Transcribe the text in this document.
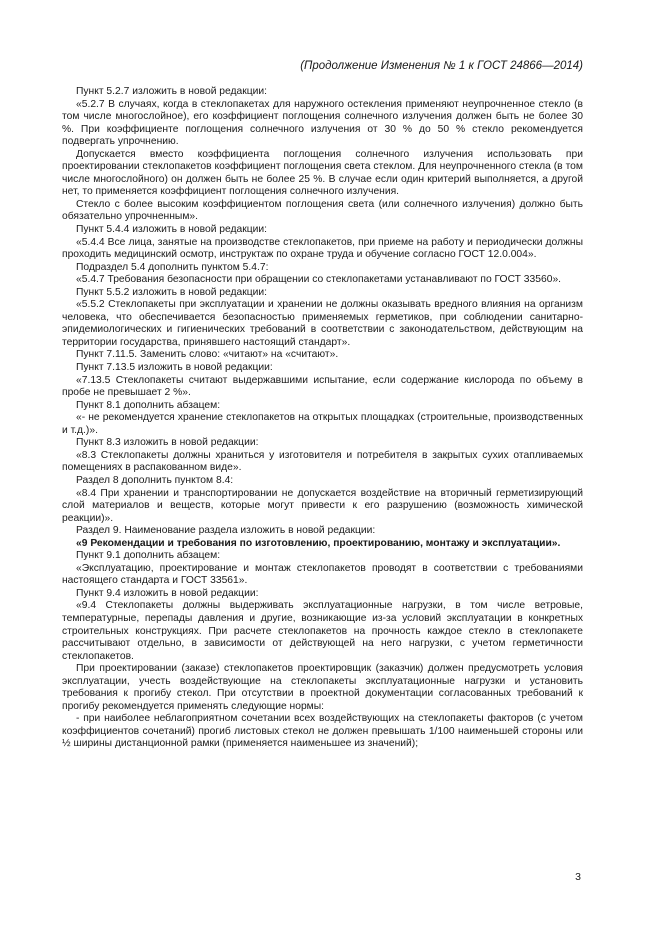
(Продолжение Изменения № 1 к ГОСТ 24866—2014)

Пункт 5.2.7 изложить в новой редакции:

«5.2.7 В случаях, когда в стеклопакетах для наружного остекления применяют неупрочненное стекло (в том числе многослойное), его коэффициент поглощения солнечного излучения должен быть не более 30 %. При коэффициенте поглощения солнечного излучения от 30 % до 50 % стекло рекомендуется подвергать упрочнению.

Допускается вместо коэффициента поглощения солнечного излучения использовать при проектировании стеклопакетов коэффициент поглощения света стеклом. Для неупрочненного стекла (в том числе многослойного) он должен быть не более 25 %. В случае если один критерий выполняется, а другой нет, то применяется коэффициент поглощения солнечного излучения.

Стекло с более высоким коэффициентом поглощения света (или солнечного излучения) должно быть обязательно упрочненным».

Пункт 5.4.4 изложить в новой редакции:

«5.4.4 Все лица, занятые на производстве стеклопакетов, при приеме на работу и периодически должны проходить медицинский осмотр, инструктаж по охране труда и обучение согласно ГОСТ 12.0.004».

Подраздел 5.4 дополнить пунктом 5.4.7:

«5.4.7 Требования безопасности при обращении со стеклопакетами устанавливают по ГОСТ 33560».

Пункт 5.5.2 изложить в новой редакции:

«5.5.2 Стеклопакеты при эксплуатации и хранении не должны оказывать вредного влияния на организм человека, что обеспечивается безопасностью применяемых герметиков, при соблюдении санитарно-эпидемиологических и гигиенических требований в соответствии с законодательством, действующим на территории государства, принявшего настоящий стандарт».

Пункт 7.11.5. Заменить слово: «читают» на «считают».

Пункт 7.13.5 изложить в новой редакции:

«7.13.5 Стеклопакеты считают выдержавшими испытание, если содержание кислорода по объему в пробе не превышает 2 %».

Пункт 8.1 дополнить абзацем:

«- не рекомендуется хранение стеклопакетов на открытых площадках (строительные, производственных и т.д.)».

Пункт 8.3 изложить в новой редакции:

«8.3 Стеклопакеты должны храниться у изготовителя и потребителя в закрытых сухих отапливаемых помещениях в распакованном виде».

Раздел 8 дополнить пунктом 8.4:

«8.4 При хранении и транспортировании не допускается воздействие на вторичный герметизирующий слой материалов и веществ, которые могут привести к его разрушению (возможность химической реакции)».

Раздел 9. Наименование раздела изложить в новой редакции:

«9 Рекомендации и требования по изготовлению, проектированию, монтажу и эксплуатации».

Пункт 9.1 дополнить абзацем:

«Эксплуатацию, проектирование и монтаж стеклопакетов проводят в соответствии с требованиями настоящего стандарта и ГОСТ 33561».

Пункт 9.4 изложить в новой редакции:

«9.4 Стеклопакеты должны выдерживать эксплуатационные нагрузки, в том числе ветровые, температурные, перепады давления и другие, возникающие из-за условий эксплуатации в конкретных строительных конструкциях. При расчете стеклопакетов на прочность каждое стекло в стеклопакете рассчитывают отдельно, в зависимости от действующей на него нагрузки, с учетом герметичности стеклопакетов.

При проектировании (заказе) стеклопакетов проектировщик (заказчик) должен предусмотреть условия эксплуатации, учесть воздействующие на стеклопакеты эксплуатационные нагрузки и установить требования к прогибу стекол. При отсутствии в проектной документации согласованных требований к прогибу рекомендуется применять следующие нормы:

- при наиболее неблагоприятном сочетании всех воздействующих на стеклопакеты факторов (с учетом коэффициентов сочетаний) прогиб листовых стекол не должен превышать 1/100 наименьшей стороны или ½ ширины дистанционной рамки (применяется наименьшее из значений);

3
